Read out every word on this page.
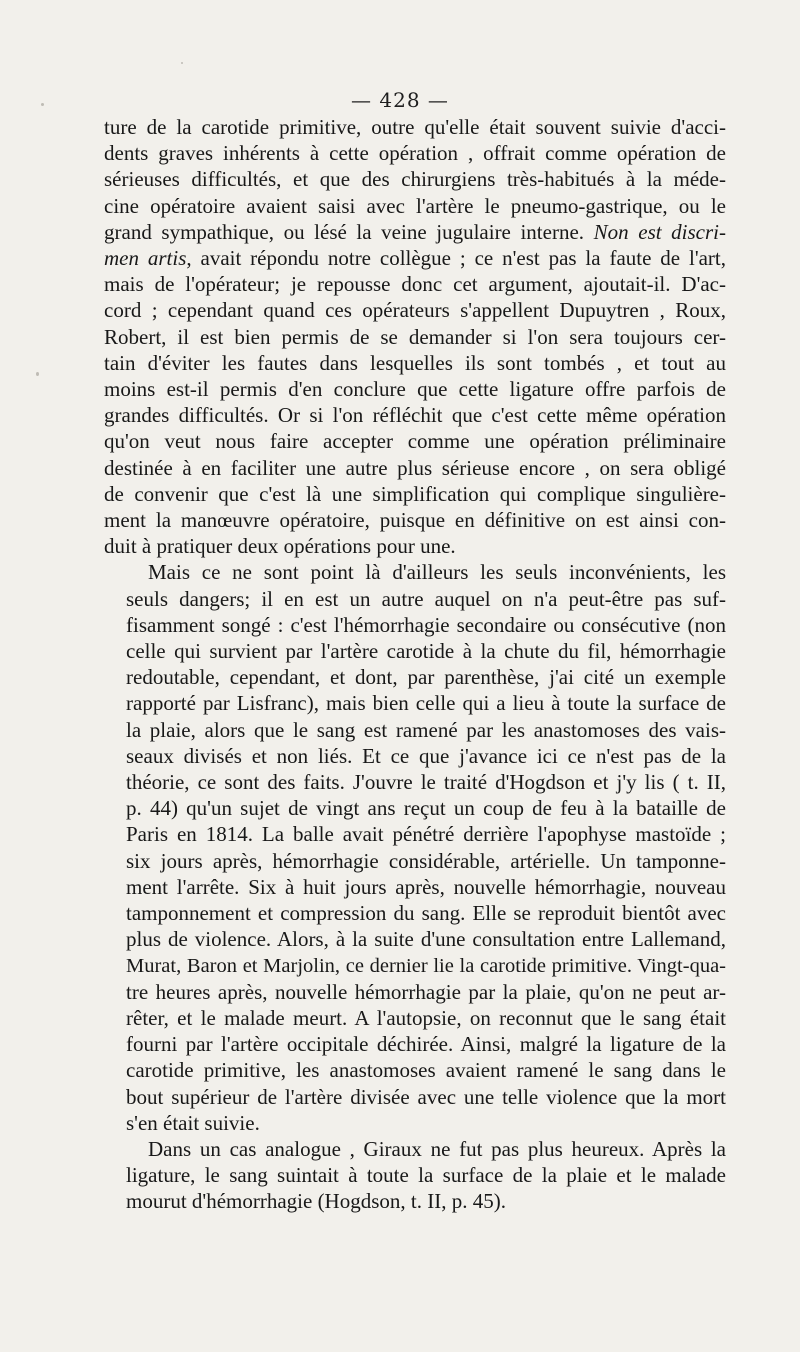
— 428 —

ture de la carotide primitive, outre qu'elle était souvent suivie d'acci-
dents graves inhérents à cette opération , offrait comme opération de
sérieuses difficultés, et que des chirurgiens très-habitués à la méde-
cine opératoire avaient saisi avec l'artère le pneumo-gastrique, ou le
grand sympathique, ou lésé la veine jugulaire interne. Non est discri-
men artis, avait répondu notre collègue ; ce n'est pas la faute de l'art,
mais de l'opérateur; je repousse donc cet argument, ajoutait-il. D'ac-
cord ; cependant quand ces opérateurs s'appellent Dupuytren , Roux,
Robert, il est bien permis de se demander si l'on sera toujours cer-
tain d'éviter les fautes dans lesquelles ils sont tombés , et tout au
moins est-il permis d'en conclure que cette ligature offre parfois de
grandes difficultés. Or si l'on réfléchit que c'est cette même opération
qu'on veut nous faire accepter comme une opération préliminaire
destinée à en faciliter une autre plus sérieuse encore , on sera obligé
de convenir que c'est là une simplification qui complique singulière-
ment la manœuvre opératoire, puisque en définitive on est ainsi con-
duit à pratiquer deux opérations pour une.

Mais ce ne sont point là d'ailleurs les seuls inconvénients, les
seuls dangers; il en est un autre auquel on n'a peut-être pas suf-
fisamment songé : c'est l'hémorrhagie secondaire ou consécutive (non
celle qui survient par l'artère carotide à la chute du fil, hémorrhagie
redoutable, cependant, et dont, par parenthèse, j'ai cité un exemple
rapporté par Lisfranc), mais bien celle qui a lieu à toute la surface de
la plaie, alors que le sang est ramené par les anastomoses des vais-
seaux divisés et non liés. Et ce que j'avance ici ce n'est pas de la
théorie, ce sont des faits. J'ouvre le traité d'Hogdson et j'y lis ( t. II,
p. 44) qu'un sujet de vingt ans reçut un coup de feu à la bataille de
Paris en 1814. La balle avait pénétré derrière l'apophyse mastoïde ;
six jours après, hémorrhagie considérable, artérielle. Un tamponne-
ment l'arrête. Six à huit jours après, nouvelle hémorrhagie, nouveau
tamponnement et compression du sang. Elle se reproduit bientôt avec
plus de violence. Alors, à la suite d'une consultation entre Lallemand,
Murat, Baron et Marjolin, ce dernier lie la carotide primitive. Vingt-qua-
tre heures après, nouvelle hémorrhagie par la plaie, qu'on ne peut ar-
rêter, et le malade meurt. A l'autopsie, on reconnut que le sang était
fourni par l'artère occipitale déchirée. Ainsi, malgré la ligature de la
carotide primitive, les anastomoses avaient ramené le sang dans le
bout supérieur de l'artère divisée avec une telle violence que la mort
s'en était suivie.

Dans un cas analogue , Giraux ne fut pas plus heureux. Après la
ligature, le sang suintait à toute la surface de la plaie et le malade
mourut d'hémorrhagie (Hogdson, t. II, p. 45).
